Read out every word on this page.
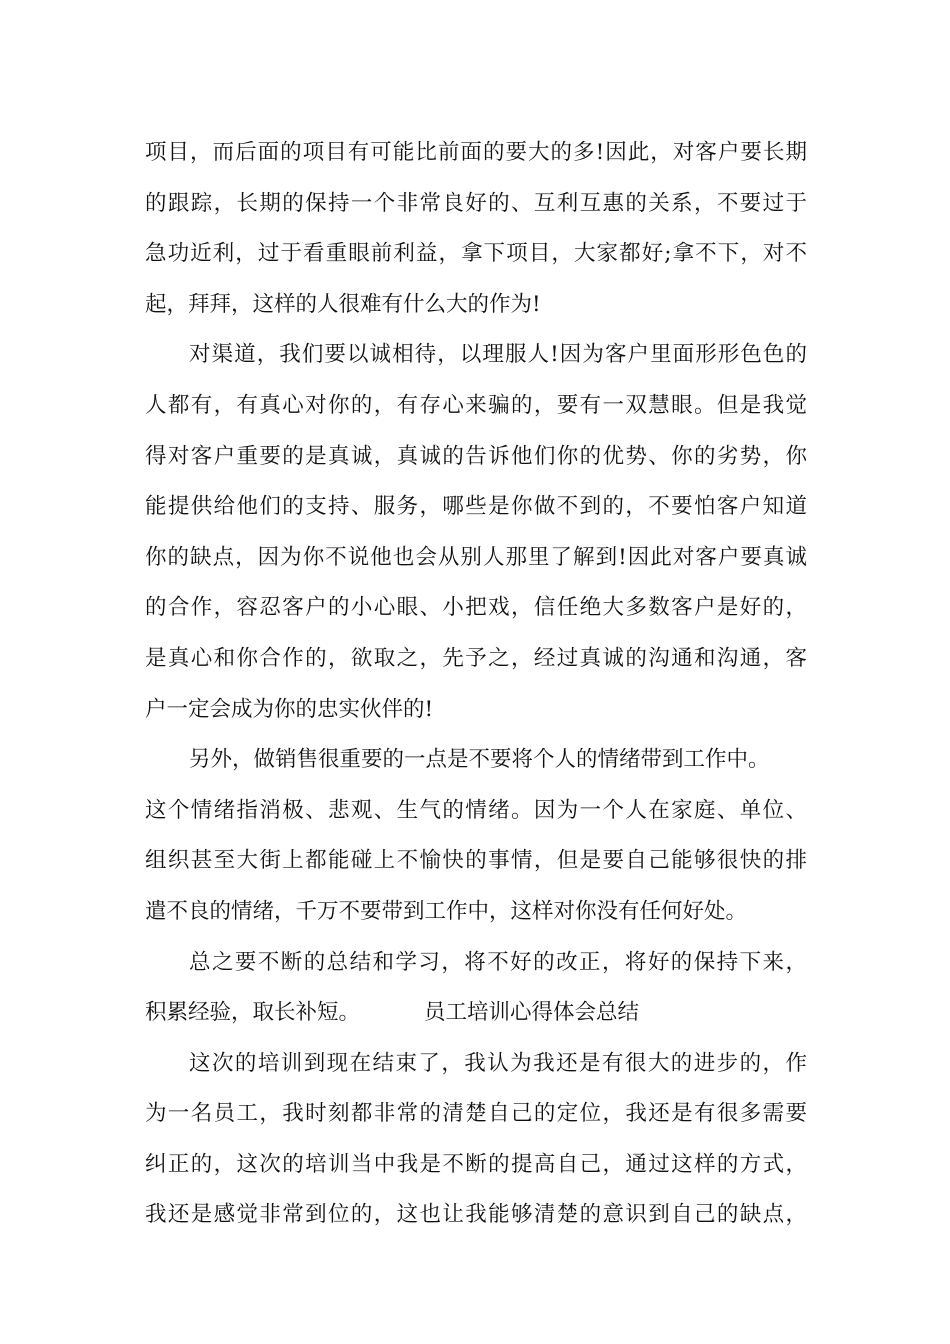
项目，而后面的项目有可能比前面的要大的多!因此，对客户要长期
的跟踪，长期的保持一个非常良好的、互利互惠的关系，不要过于
急功近利，过于看重眼前利益，拿下项目，大家都好;拿不下，对不
起，拜拜，这样的人很难有什么大的作为!
对渠道，我们要以诚相待，以理服人!因为客户里面形形色色的
人都有，有真心对你的，有存心来骗的，要有一双慧眼。但是我觉
得对客户重要的是真诚，真诚的告诉他们你的优势、你的劣势，你
能提供给他们的支持、服务，哪些是你做不到的，不要怕客户知道
你的缺点，因为你不说他也会从别人那里了解到!因此对客户要真诚
的合作，容忍客户的小心眼、小把戏，信任绝大多数客户是好的，
是真心和你合作的，欲取之，先予之，经过真诚的沟通和沟通，客
户一定会成为你的忠实伙伴的!
另外，做销售很重要的一点是不要将个人的情绪带到工作中。
这个情绪指消极、悲观、生气的情绪。因为一个人在家庭、单位、
组织甚至大街上都能碰上不愉快的事情，但是要自己能够很快的排
遣不良的情绪，千万不要带到工作中，这样对你没有任何好处。
总之要不断的总结和学习，将不好的改正，将好的保持下来，
积累经验，取长补短。	员工培训心得体会总结
这次的培训到现在结束了，我认为我还是有很大的进步的，作
为一名员工，我时刻都非常的清楚自己的定位，我还是有很多需要
纠正的，这次的培训当中我是不断的提高自己，通过这样的方式，
我还是感觉非常到位的，这也让我能够清楚的意识到自己的缺点，
